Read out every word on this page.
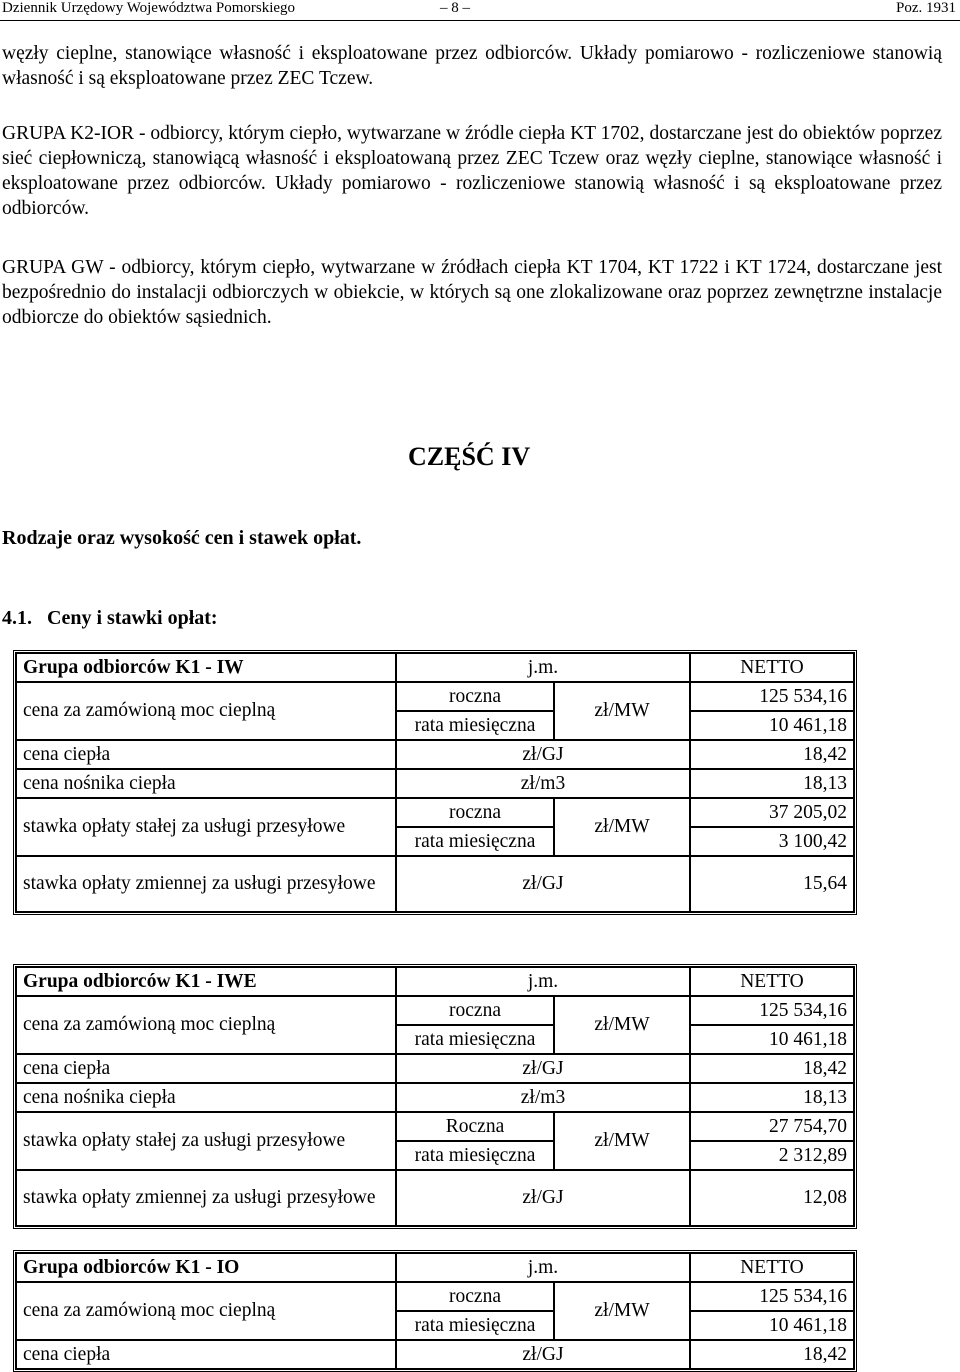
Dziennik Urzędowy Województwa Pomorskiego	– 8 –	Poz. 1931
węzły cieplne, stanowiące własność i eksploatowane przez odbiorców. Układy pomiarowo - rozliczeniowe stanowią własność i są eksploatowane przez ZEC Tczew.
GRUPA K2-IOR - odbiorcy, którym ciepło, wytwarzane w źródle ciepła KT 1702, dostarczane jest do obiektów poprzez sieć ciepłowniczą, stanowiącą własność i eksploatowaną przez ZEC Tczew oraz węzły cieplne, stanowiące własność i eksploatowane przez odbiorców. Układy pomiarowo - rozliczeniowe stanowią własność i są eksploatowane przez odbiorców.
GRUPA GW - odbiorcy, którym ciepło, wytwarzane w źródłach ciepła KT 1704, KT 1722 i KT 1724, dostarczane jest bezpośrednio do instalacji odbiorczych w obiekcie, w których są one zlokalizowane oraz poprzez zewnętrzne instalacje odbiorcze do obiektów sąsiednich.
CZĘŚĆ IV
Rodzaje oraz wysokość cen i stawek opłat.
4.1.   Ceny i stawki opłat:
Grupa odbiorców K1 - IW	j.m.		NETTO
cena za zamówioną moc cieplną	roczna	zł/MW	125 534,16
	rata miesięczna		10 461,18
cena ciepła	zł/GJ		18,42
cena nośnika ciepła	zł/m3		18,13
stawka opłaty stałej za usługi przesyłowe	roczna	zł/MW	37 205,02
	rata miesięczna		3 100,42
stawka opłaty zmiennej za usługi przesyłowe	zł/GJ		15,64
Grupa odbiorców K1 - IWE	j.m.		NETTO
cena za zamówioną moc cieplną	roczna	zł/MW	125 534,16
	rata miesięczna		10 461,18
cena ciepła	zł/GJ		18,42
cena nośnika ciepła	zł/m3		18,13
stawka opłaty stałej za usługi przesyłowe	Roczna	zł/MW	27 754,70
	rata miesięczna		2 312,89
stawka opłaty zmiennej za usługi przesyłowe	zł/GJ		12,08
Grupa odbiorców K1 - IO	j.m.		NETTO
cena za zamówioną moc cieplną	roczna	zł/MW	125 534,16
	rata miesięczna		10 461,18
cena ciepła	zł/GJ		18,42
